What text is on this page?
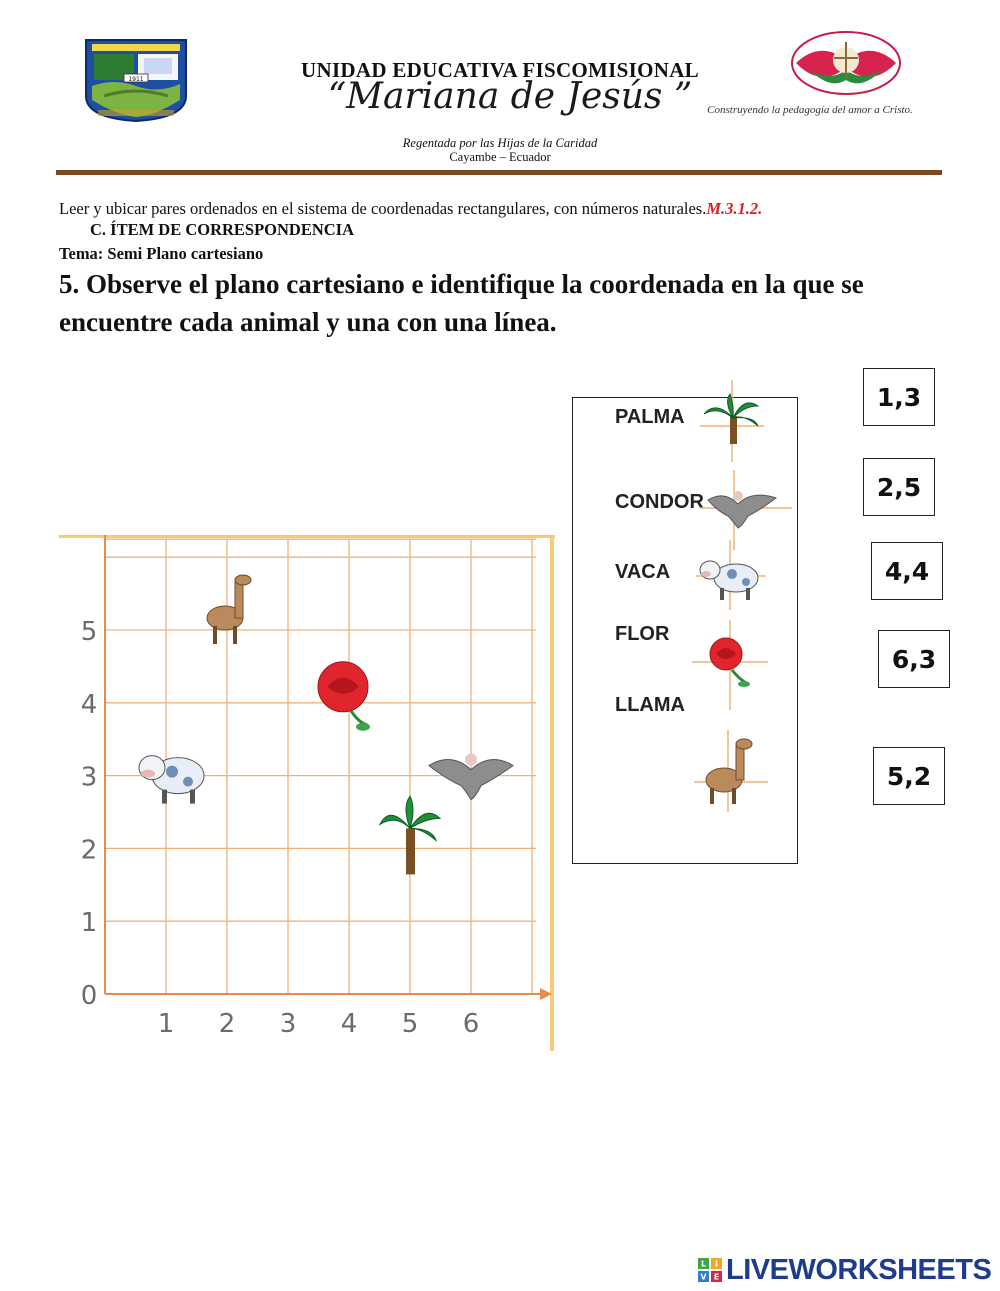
1911	UNIDAD EDUCATIVA FISCOMISIONAL
“Mariana de Jesús ”	Construyendo la pedagogía del amor a Cristo.
Regentada por las Hijas de la Caridad
Cayambe – Ecuador
Leer y ubicar pares ordenados en el sistema de coordenadas rectangulares, con números naturales.M.3.1.2.
C. ÍTEM DE CORRESPONDENCIA
Tema: Semi Plano cartesiano
5. Observe el plano cartesiano e identifique la coordenada en la que se encuentre cada animal y una con una línea.
1 2 3 4 5 6
0
1
2
3
4
5
PALMA
CONDOR
VACA
FLOR
LLAMA
1,3
2,5
4,4
6,3
5,2
L I
V E LIVEWORKSHEETS
